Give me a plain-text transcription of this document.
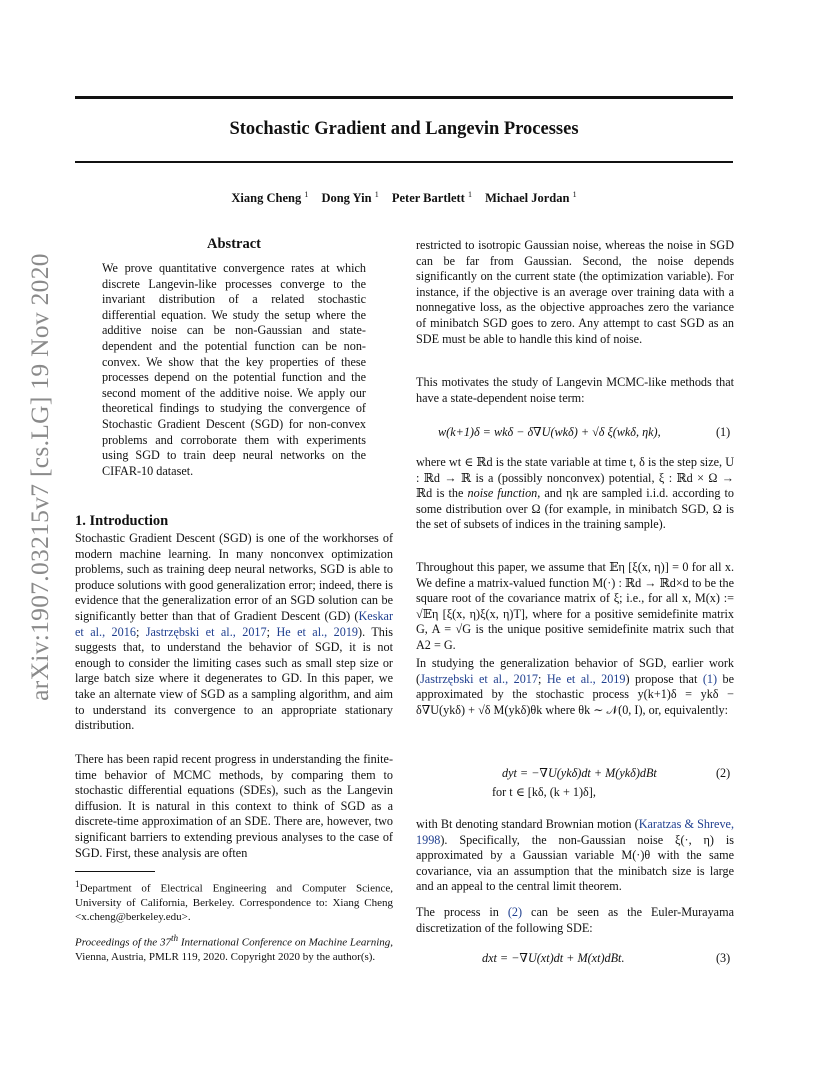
Stochastic Gradient and Langevin Processes
Xiang Cheng $^1$ Dong Yin $^1$ Peter Bartlett $^1$ Michael Jordan $^1$
arXiv:1907.03215v7 [cs.LG] 19 Nov 2020
Abstract
We prove quantitative convergence rates at which discrete Langevin-like processes converge to the invariant distribution of a related stochastic differential equation. We study the setup where the additive noise can be non-Gaussian and state-dependent and the potential function can be non-convex. We show that the key properties of these processes depend on the potential function and the second moment of the additive noise. We apply our theoretical findings to studying the convergence of Stochastic Gradient Descent (SGD) for non-convex problems and corroborate them with experiments using SGD to train deep neural networks on the CIFAR-10 dataset.
1. Introduction

Stochastic Gradient Descent (SGD) is one of the workhorses of modern machine learning. In many nonconvex optimization problems, such as training deep neural networks, SGD is able to produce solutions with good generalization error; indeed, there is evidence that the generalization error of an SGD solution can be significantly better than that of Gradient Descent (GD) (Keskar et al., 2016; Jastrzębski et al., 2017; He et al., 2019). This suggests that, to understand the behavior of SGD, it is not enough to consider the limiting cases such as small step size or large batch size where it degenerates to GD. In this paper, we take an alternate view of SGD as a sampling algorithm, and aim to understand its convergence to an appropriate stationary distribution.

There has been rapid recent progress in understanding the finite-time behavior of MCMC methods, by comparing them to stochastic differential equations (SDEs), such as the Langevin diffusion. It is natural in this context to think of SGD as a discrete-time approximation of an SDE. There are, however, two significant barriers to extending previous analyses to the case of SGD. First, these analysis are often

$^1$Department of Electrical Engineering and Computer Science, University of California, Berkeley. Correspondence to: Xiang Cheng <x.cheng@berkeley.edu>.

Proceedings of the 37th International Conference on Machine Learning, Vienna, Austria, PMLR 119, 2020. Copyright 2020 by the author(s).

restricted to isotropic Gaussian noise, whereas the noise in SGD can be far from Gaussian. Second, the noise depends significantly on the current state (the optimization variable). For instance, if the objective is an average over training data with a nonnegative loss, as the objective approaches zero the variance of minibatch SGD goes to zero. Any attempt to cast SGD as an SDE must be able to handle this kind of noise.

This motivates the study of Langevin MCMC-like methods that have a state-dependent noise term:

w(k+1)δ = wkδ − δ∇U(wkδ) + √δ ξ(wkδ, ηk),	(1)

where wt ∈ ℝd is the state variable at time t, δ is the step size, U : ℝd → ℝ is a (possibly nonconvex) potential, ξ : ℝd × Ω → ℝd is the noise function, and ηk are sampled i.i.d. according to some distribution over Ω (for example, in minibatch SGD, Ω is the set of subsets of indices in the training sample).

Throughout this paper, we assume that 𝔼η [ξ(x, η)] = 0 for all x. We define a matrix-valued function M(·) : ℝd → ℝd×d to be the square root of the covariance matrix of ξ; i.e., for all x, M(x) := √𝔼η [ξ(x, η)ξ(x, η)T], where for a positive semidefinite matrix G, A = √G is the unique positive semidefinite matrix such that A2 = G.

In studying the generalization behavior of SGD, earlier work (Jastrzębski et al., 2017; He et al., 2019) propose that (1) be approximated by the stochastic process y(k+1)δ = ykδ − δ∇U(ykδ) + √δ M(ykδ)θk where θk ∼ 𝒩(0, I), or, equivalently:

dyt = −∇U(ykδ)dt + M(ykδ)dBt
for t ∈ [kδ, (k + 1)δ],
(2)

with Bt denoting standard Brownian motion (Karatzas & Shreve, 1998). Specifically, the non-Gaussian noise ξ(·, η) is approximated by a Gaussian variable M(·)θ with the same covariance, via an assumption that the minibatch size is large and an appeal to the central limit theorem.

The process in (2) can be seen as the Euler-Murayama discretization of the following SDE:

dxt = −∇U(xt)dt + M(xt)dBt.	(3)
